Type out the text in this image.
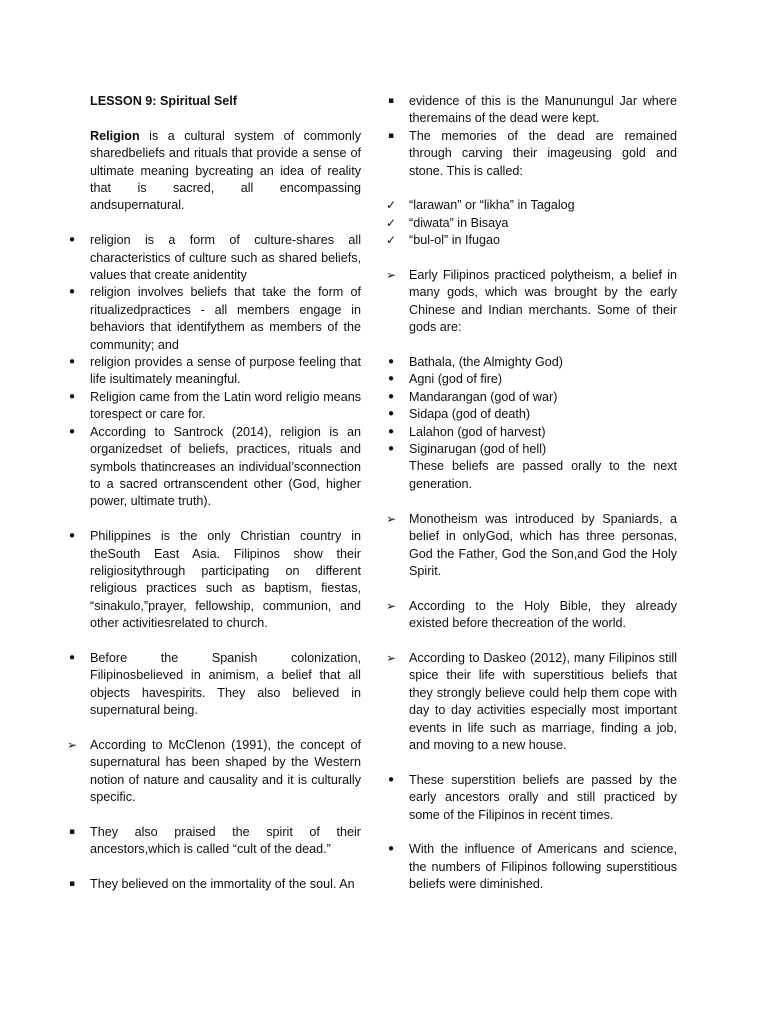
LESSON 9: Spiritual Self

Religion is a cultural system of commonly sharedbeliefs and rituals that provide a sense of ultimate meaning bycreating an idea of reality that is sacred, all encompassing andsupernatural.

•	religion is a form of culture-shares all characteristics of culture such as shared beliefs, values that create anidentity
•	religion involves beliefs that take the form of ritualizedpractices - all members engage in behaviors that identifythem as members of the community; and
•	religion provides a sense of purpose feeling that life isultimately meaningful.
•	Religion came from the Latin word religio means torespect or care for.
•	According to Santrock (2014), religion is an organizedset of beliefs, practices, rituals and symbols thatincreases an individual’sconnection to a sacred ortranscendent other (God, higher power, ultimate truth).
•	Philippines is the only Christian country in theSouth East Asia. Filipinos show their religiositythrough participating on different religious practices such as baptism, fiestas, “sinakulo,”prayer, fellowship, communion, and other activitiesrelated to church.
•	Before the Spanish colonization, Filipinosbelieved in animism, a belief that all objects havespirits. They also believed in supernatural being.
➢	According to McClenon (1991), the concept of supernatural has been shaped by the Western notion of nature and causality and it is culturally specific.
▪	They also praised the spirit of their ancestors,which is called “cult of the dead.”
▪	They believed on the immortality of the soul. An
▪	evidence of this is the Manunungul Jar where theremains of the dead were kept.
▪	The memories of the dead are remained through carving their imageusing gold and stone. This is called:
✓	“larawan” or “likha” in Tagalog
✓	“diwata” in Bisaya
✓	“bul-ol” in Ifugao
➢	Early Filipinos practiced polytheism, a belief in many gods, which was brought by the early Chinese and Indian merchants. Some of their gods are:
•	Bathala, (the Almighty God)
•	Agni (god of fire)
•	Mandarangan (god of war)
•	Sidapa (god of death)
•	Lalahon (god of harvest)
•	Siginarugan (god of hell)
These beliefs are passed orally to the next generation.
➢	Monotheism was introduced by Spaniards, a belief in onlyGod, which has three personas, God the Father, God the Son,and God the Holy Spirit.
➢	According to the Holy Bible, they already existed before thecreation of the world.
➢	According to Daskeo (2012), many Filipinos still spice their life with superstitious beliefs that they strongly believe could help them cope with day to day activities especially most important events in life such as marriage, finding a job, and moving to a new house.
•	These superstition beliefs are passed by the early ancestors orally and still practiced by some of the Filipinos in recent times.
•	With the influence of Americans and science, the numbers of Filipinos following superstitious beliefs were diminished.
